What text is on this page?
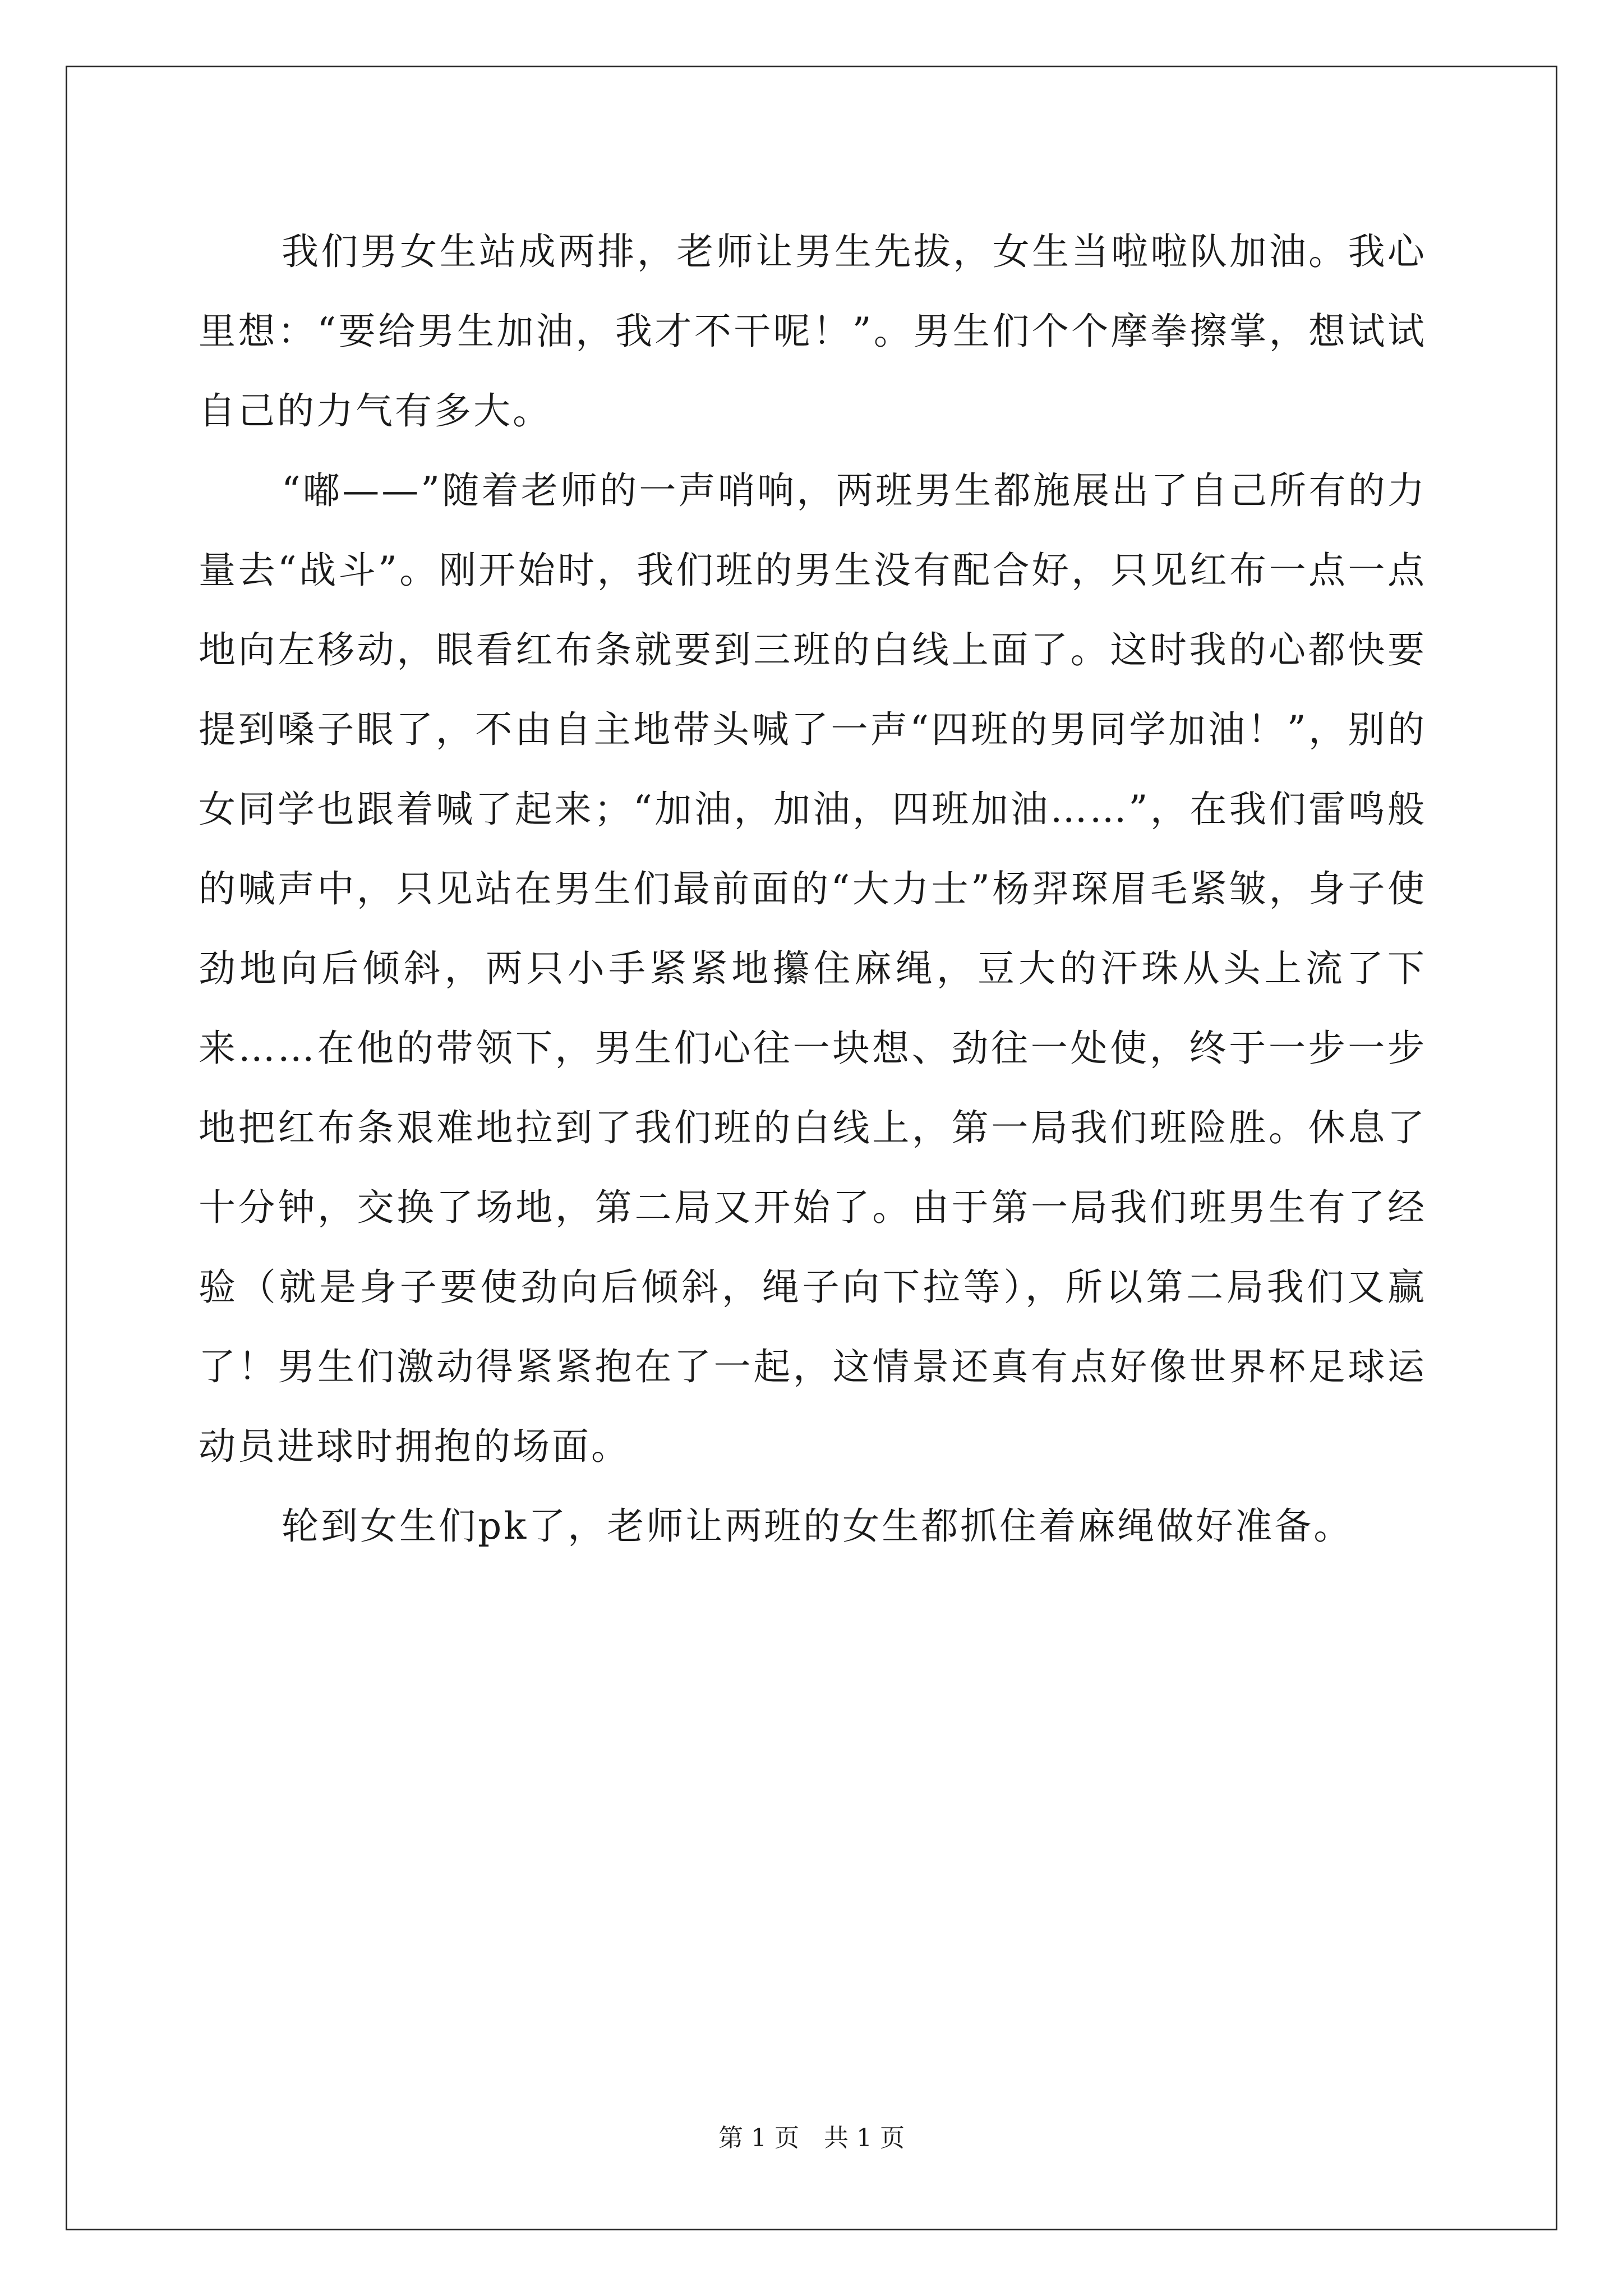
我们男女生站成两排，老师让男生先拔，女生当啦啦队加油。我心里想：“要给男生加油，我才不干呢！”。男生们个个摩拳擦掌，想试试自己的力气有多大。

“嘟——”随着老师的一声哨响，两班男生都施展出了自己所有的力量去“战斗”。刚开始时，我们班的男生没有配合好，只见红布一点一点地向左移动，眼看红布条就要到三班的白线上面了。这时我的心都快要提到嗓子眼了，不由自主地带头喊了一声“四班的男同学加油！”，别的女同学也跟着喊了起来；“加油，加油，四班加油……”，在我们雷鸣般的喊声中，只见站在男生们最前面的“大力士”杨羿琛眉毛紧皱，身子使劲地向后倾斜，两只小手紧紧地攥住麻绳，豆大的汗珠从头上流了下来……在他的带领下，男生们心往一块想、劲往一处使，终于一步一步地把红布条艰难地拉到了我们班的白线上，第一局我们班险胜。休息了十分钟，交换了场地，第二局又开始了。由于第一局我们班男生有了经验（就是身子要使劲向后倾斜，绳子向下拉等），所以第二局我们又赢了！男生们激动得紧紧抱在了一起，这情景还真有点好像世界杯足球运动员进球时拥抱的场面。

轮到女生们pk了，老师让两班的女生都抓住着麻绳做好准备。

第 1 页　共 1 页
